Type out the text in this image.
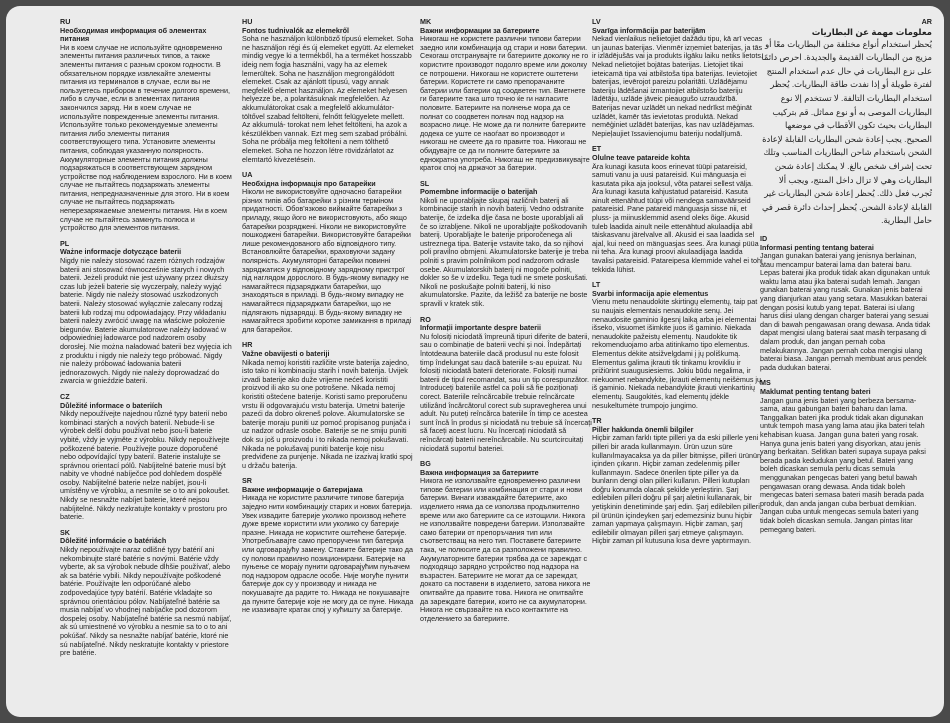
RU
Необходимая информация об элементах питания
Ни в коем случае не используйте одновременно элементы питания различных типов, а также элементы питания с разным сроком годности. В обязательном порядке извлекайте элементы питания из терминалов в случае, если вы не пользуетесь прибором в течение долгого времени, либо в случае, если в элементах питания закончился заряд. Ни в коем случае не используйте поврежденные элементы питания. Используйте только рекомендуемые элементы питания либо элементы питания соответствующего типа. Установите элементы питания, соблюдая указанную полярность. Аккумуляторные элементы питания должны подзаряжаться в соответствующем зарядном устройстве под наблюдением взрослого. Ни в коем случае не пытайтесь подзаряжать элементы питания, непредназначенные для этого. Ни в коем случае не пытайтесь подзаряжать неперезаряжаемые элементы питания. Ни в коем случае не пытайтесь замкнуть полюса и устройство для элементов питания.
PL
Ważne informacje dotyczące baterii
Nigdy nie należy stosować razem różnych rodzajów baterii ani stosować równocześnie starych i nowych baterii. Jeżeli produkt nie jest używany przez dłuższy czas lub jeżeli baterie się wyczerpały, należy wyjąć baterie. Nigdy nie należy stosować uszkodzonych baterii. Należy stosować wyłącznie zalecany rodzaj baterii lub rodzaj mu odpowiadający. Przy wkładaniu baterii należy zwrócić uwagę na właściwe położenie biegunów. Baterie akumulatorowe należy ładować w odpowiedniej ładowarce pod nadzorem osoby dorosłej. Nie można naładować baterii bez wyjęcia ich z produktu i nigdy nie należy tego próbować. Nigdy nie należy próbować ładowania baterii jednorazowych. Nigdy nie należy doprowadzać do zwarcia w gnieździe baterii.
CZ
Důležité informace o bateriích
Nikdy nepoužívejte najednou různé typy baterií nebo kombinaci starých a nových baterií. Nebude-li se výrobek delší dobu používat nebo jsou-li baterie vybité, vždy je vyjměte z výrobku. Nikdy nepoužívejte poškozené baterie. Používejte pouze doporučené nebo odpovídající typy baterií. Baterie instalujte se správnou orientací pólů. Nabíjitelné baterie musí být nabity ve vhodné nabíječce pod dohledem dospělé osoby. Nabíjitelné baterie nelze nabíjet, jsou-li umístěny ve výrobku, a nesmíte se o to ani pokoušet. Nikdy se nesnažte nabíjet baterie, které nejsou nabíjitelné. Nikdy nezkratujte kontakty v prostoru pro baterie.
SK
Dôležité informácie o batériách
Nikdy nepoužívajte naraz odlišné typy batérií ani nekombinujte staré batérie s novými. Batérie vždy vyberte, ak sa výrobok nebude dlhšie používať, alebo ak sa batérie vybili. Nikdy nepoužívajte poškodené batérie. Používajte len odporúčané alebo zodpovedajúce typy batérií. Batérie vkladajte so správnou orientáciou pólov. Nabíjateľné batérie sa musia nabíjať vo vhodnej nabíjačke pod dozorom dospelej osoby. Nabíjateľné batérie sa nesmú nabíjať, ak sú umiestnené vo výrobku a nesmie sa to o to ani pokúšať. Nikdy sa nesnažte nabíjať batérie, ktoré nie sú nabíjateľné. Nikdy neskratujte kontakty v priestore pre batérie.
HU
Fontos tudnivalók az elemekről
Soha ne használjon különböző típusú elemeket. Soha ne használjon régi és új elemeket együtt. Az elemeket mindig vegye ki a termékből, ha a terméket hosszabb ideig nem fogja használni, vagy ha az elemek lemerültek. Soha ne használjon megrongálódott elemeket. Csak az ajánlott típusú, vagy annak megfelelő elemet használjon. Az elemeket helyesen helyezze be, a polaritásuknak megfelelően. Az akkumulátorokat csak a megfelelő akkumulátor-töltővel szabad feltölteni, felnőtt felügyelete mellett. Az akkumulá- torokat nem lehet feltölteni, ha azok a készülékben vannak. Ezt meg sem szabad próbálni. Soha ne próbálja meg feltölteni a nem tölthető elemeket. Soha ne hozzon létre rövidzárlatot az elemtartó kivezetésein.
UA
Необхідна інформація про батарейки
Ніколи не використовуйте одночасно батарейки різних типів або батарейки з різним терміном придатності. Обов'язково виймайте батарейки з приладу, якщо його не використовують, або якщо батарейки розряджені. Ніколи не використовуйте пошкоджені батарейки. Використовуйте батарейки лише рекомендованого або відповідного типу. Встановлюйте батарейки, враховуючи задану полярність. Акумуляторні батарейки повинні заряджатися у відповідному зарядному пристрої під наглядом дорослого. В будь-якому випадку не намагайтеся підзаряджати батарейки, що знаходяться в приладі. В будь-якому випадку не намагайтеся підзаряджати батарейки, що не підлягають підзарядці. В будь-якому випадку не намагайтеся зробити коротке замикання в приладі для батарейок.
HR
Važne obavijesti o bateriji
Nikada nemoj koristiti različite vrste baterija zajedno, isto tako ni kombinaciju starih i novih baterija. Uvijek izvadi baterije ako duže vrijeme nećeš koristiti proizvod ili ako su one potrošene. Nikada nemoj koristiti oštećene baterije. Koristi samo preporučenu vrstu ili odgovarajuću vrstu baterija. Umetni baterije pazeći da dobro okreneš polove. Akumulatorske se baterije moraju puniti uz pomoć propisanog punjača i uz nadzor odrasle osobe. Baterije se ne smiju puniti dok su još u proizvodu i to nikada nemoj pokušavati. Nikada ne pokušavaj puniti baterije koje nisu predviđene za punjenje. Nikada ne izazivaj kratki spoj u držaču baterija.
SR
Важне информације о батеријама
Никада не користите различите типове батерија заједно нити комбинацију старих и нових батерија. Увек извадите батерије уколико производ нећете дуже време користити или уколико су батерије празне. Никада не користите оштећене батерије. Употребљавајте само препоручени тип батерија или одговарајућу замену. Ставите батерије тако да су полови правилно позиционирани. Батерије на пуњење се морају пунити одговарајућим пуњачем под надзором одрасле особе. Није могуће пунити батерије док су у производу и никада не покушавајте да радите то. Никада не покушавајте да пуните батерије које не могу да се пуне. Никада не изазивајте кратак спој у кућишту за батерије.
MK
Важни информации за батериите
Никогаш не користете различни типови батерии заедно или комбинација од стари и нови батерии. Секогаш отстранувајте ги батериите доколку не го користите производот подолго време или доколку се потрошени. Никогаш не користете оштетени батерии. Користете ги само препорачаните батерии или батерии од соодветен тип. Вметнете ги батериите така што точно ќе ги нагласите половите. Батериите на полнење мора да се полнат со соодветен полнач под надзор на возрасно лице. Не може да ги полните батериите додека се уште се наоѓаат во производот и никогаш не смеете да го правите тоа. Никогаш не обидувајте се да ги полните батериите за еднократна употреба. Никогаш не предизвикувајте краток спој на држачот за батерии.
SL
Pomembne informacije o baterijah
Nikoli ne uporabljajte skupaj različnih baterij ali kombinacije starih in novih baterij. Vedno odstranite baterije, če izdelka dlje časa ne boste uporabljali ali če so izrabljene. Nikoli ne uporabljajte poškodovanih baterij. Uporabljajte le baterije priporočenega ali ustreznega tipa. Baterije vstavite tako, da so njihovi poli pravilno obrnjeni. Akumulatorske baterije je treba polniti s pravim polnilnikom pod nadzorom odrasle osebe. Akumulatorskih baterij ni mogoče polniti, dokler so še v izdelku. Tega tudi ne smete poskušati. Nikoli ne poskušajte polniti baterij, ki niso akumulatorske. Pazite, da ležišč za baterije ne boste spravili v kratek stik.
RO
Informații importante despre baterii
Nu folosiți niciodată împreună tipuri diferite de baterii, sau o combinație de baterii vechi și noi. Îndepărtați întotdeauna bateriile dacă produsul nu este folosit timp îndelungat sau dacă bateriile s-au epuizat. Nu folosiți niciodată baterii deteriorate. Folosiți numai baterii de tipul recomandat, sau un tip corespunzător. Introduceți bateriile astfel ca polii să fie poziționați corect. Bateriile reîncărcabile trebuie reîncărcate utilizând încărcătorul corect sub supravegherea unui adult. Nu puteți reîncărca bateriile în timp ce acestea sunt încă în produs și niciodată nu trebuie să încercați să faceți acest lucru. Nu încercați niciodată să reîncărcați baterii nereîncărcabile. Nu scurtcircuitați niciodată suportul bateriei.
BG
Важна информация за батериите
Никога не използвайте едновременно различни типове батерии или комбинация от стари и нови батерии. Винаги изваждайте батериите, ако изделието няма да се използва продължително време или ако батериите са се изтощили. Никога не използвайте повредени батерии. Използвайте само батерии от препоръчания тип или съответстващ на него тип. Поставете батериите така, че полюсите да са разположени правилно. Акумулаторните батерии трябва да се зареждат с подходящо зарядно устройство под надзора на възрастен. Батериите не могат да се зареждат, докато са поставени в изделието, затова никога не опитвайте да правите това. Никога не опитвайте да зареждате батерии, които не са акумулаторни. Никога не свързвайте на късо контактите на отделението за батериите.
LV
Svarīga informācija par baterijām
Nekad vienlaikus neliietojiet dažādu tipu, kā arī vecas un jaunas baterijas. Vienmēr izņemiet baterijas, ja tās ir izlādējušās vai ja produkts ilgāku laiku netiks lietots. Nekad nelietojiet bojātas baterijas. Lietojiet tikai ieteicamā tipa vai atbilstoša tipa baterijas. Ievietojiet baterijas, ievērojot pareizu polaritāti. Uzlādējamu bateriju lādēšanai izmantojiet atbilstošo bateriju lādētāju, uzlāde jāveic pieaugušo uzraudzībā. Baterijas nevar uzlādēt un nekad nedrīkst mēģināt uzlādēt, kamēr tās ievietotas produktā. Nekad nemēģiniet uzlādēt baterijas, kas nav uzlādējamas. Nepieļaujiet īssavienojumu bateriju nodalījumā.
ET
Olulne teave patareide kohta
Ära kunagi kasuta koos erinevat tüüpi patareisid, samuti vanu ja uusi patareisid. Kui mänguasja ei kasutata pika aja jooksul, võta patarei sellest välja. Ära kunagi kasuta kahjustatud patareisid. Kasuta ainult ettenähtud tüüpi või nendega samaväärseid patareisid. Pane patareid mänguasja sisse nii, et pluss- ja miinusklemmid asend oleks õige. Akusid tuleb laadida ainult neile ettenähtud akulaadija abil täiskasvanu järelvalve all. Akusid ei saa laadida sel ajal, kui need on mänguasjas sees. Ära kunagi püüa nii teha. Ära kunagi proovi akulaadijaga laadida tavalisi patareisid. Patareipesa klemmide vahel ei tohi tekkida lühist.
LT
Svarbi informacija apie elementus
Vienu metu nenaudokite skirtingų elementų, taip pat su naujais elementais nenaudokite senų. Jei nenaudosite gaminio ilgesnį laiką arba jei elementai išseko, visuomet išimkite juos iš gaminio. Niekada nenaudokite pažeistų elementų. Naudokite tik rekomenduojamo arba atitinkamo tipo elementus. Elementus dėkite atsižvelgdami į jų poliškumą. Elementus galima įkrauti tik tinkamu krovikliu ir prižiūrint suaugusiesiems. Jokiu būdu negalima, ir niekuomet nebandykite, įkrauti elementų neišėmus jų iš gaminio. Niekada nebandykite įkrauti vienkartinių elementų. Saugokitės, kad elementų įdėkle nesukeltumėte trumpojo jungimo.
TR
Piller hakkında önemli bilgiler
Hiçbir zaman farklı tipte pilleri ya da eski pillerle yeni pilleri bir arada kullanmayın. Ürün uzun süre kullanılmayacaksa ya da piller bitmişse, pilleri ürünün içinden çıkarın. Hiçbir zaman zedelenmiş piller kullanmayın. Sadece önerilen tipte piller ya da bunların dengi olan pilleri kullanın. Pilleri kutupları doğru konumda olacak şekilde yerleştirin. Şarj edilebilen pilleri doğru pil şarj aletini kullanarak, bir yetişkinin denetiminde şarj edin. Şarj edilebilen pilleri, pil ürünün içindeyken şarj edemezsiniz bunu hiçbir zaman yapmaya çalışmayın. Hiçbir zaman, şarj edilebilir olmayan pilleri şarj etmeye çalışmayın. Hiçbir zaman pil kutusuna kısa devre yaptırmayın.
AR
معلومات مهمة عن البطاريات
يُحظر استخدام أنواع مختلفة من البطاريات معًا أو مزيج من البطاريات القديمة والجديدة. احرص دائمًا على نزع البطاريات في حال عدم استخدام المنتج لفترة طويلة أو إذا نفدت طاقة البطاريات. يُحظر استخدام البطاريات التالفة. لا تستخدم إلا نوع البطاريات الموصى به أو نوع مماثل. قم بتركيب البطاريات بحيث تكون الأقطاب في موضعها الصحيح. يجب إعادة شحن البطاريات القابلة لإعادة الشحن باستخدام شاحن البطاريات المناسب وتلك تحت إشراف شخص بالغ. لا يمكنك إعادة شحن البطاريات وهي لا تزال داخل المنتج، ويجب ألا تُجرب فعل ذلك. يُحظر إعادة شحن البطاريات غير القابلة لإعادة الشحن. يُحظر إحداث دائرة قصر في حامل البطارية.
ID
Informasi penting tentang baterai
Jangan gunakan baterai yang jenisnya berlainan, atau mencampur baterai lama dan baterai baru. Lepas baterai jika produk tidak akan digunakan untuk waktu lama atau jika baterai sudah lemah. Jangan gunakan baterai yang rusak. Gunakan jenis baterai yang dianjurkan atau yang setara. Masukkan baterai dengan posisi kutub yang tepat. Baterai isi ulang harus diisi ulang dengan charger baterai yang sesuai dan di bawah pengawasan orang dewasa. Anda tidak dapat mengisi ulang baterai saat masih terpasang di dalam produk, dan jangan pernah coba melakukannya. Jangan pernah coba mengisi ulang baterai biasa. Jangan pernah membuat arus pendek pada dudukan baterai.
MS
Maklumat penting tentang bateri
Jangan guna jenis bateri yang berbeza bersama-sama, atau gabungan bateri baharu dan lama. Tanggalkan bateri jika produk tidak akan digunakan untuk tempoh masa yang lama atau jika bateri telah kehabisan kuasa. Jangan guna bateri yang rosak. Hanya guna jenis bateri yang disyorkan, atau jenis yang berkaitan. Selitkan bateri supaya supaya paksi berada pada kedudukan yang betul. Bateri yang boleh dicaskan semula perlu dicas semula menggunakan pengecas bateri yang betul bawah pengawasan orang dewasa. Anda tidak boleh mengecas bateri semasa bateri masih berada pada produk, dan anda jangan cuba berbuat demikian. Jangan cuba untuk mengecas semula bateri yang tidak boleh dicaskan semula. Jangan pintas litar pemegang bateri.
